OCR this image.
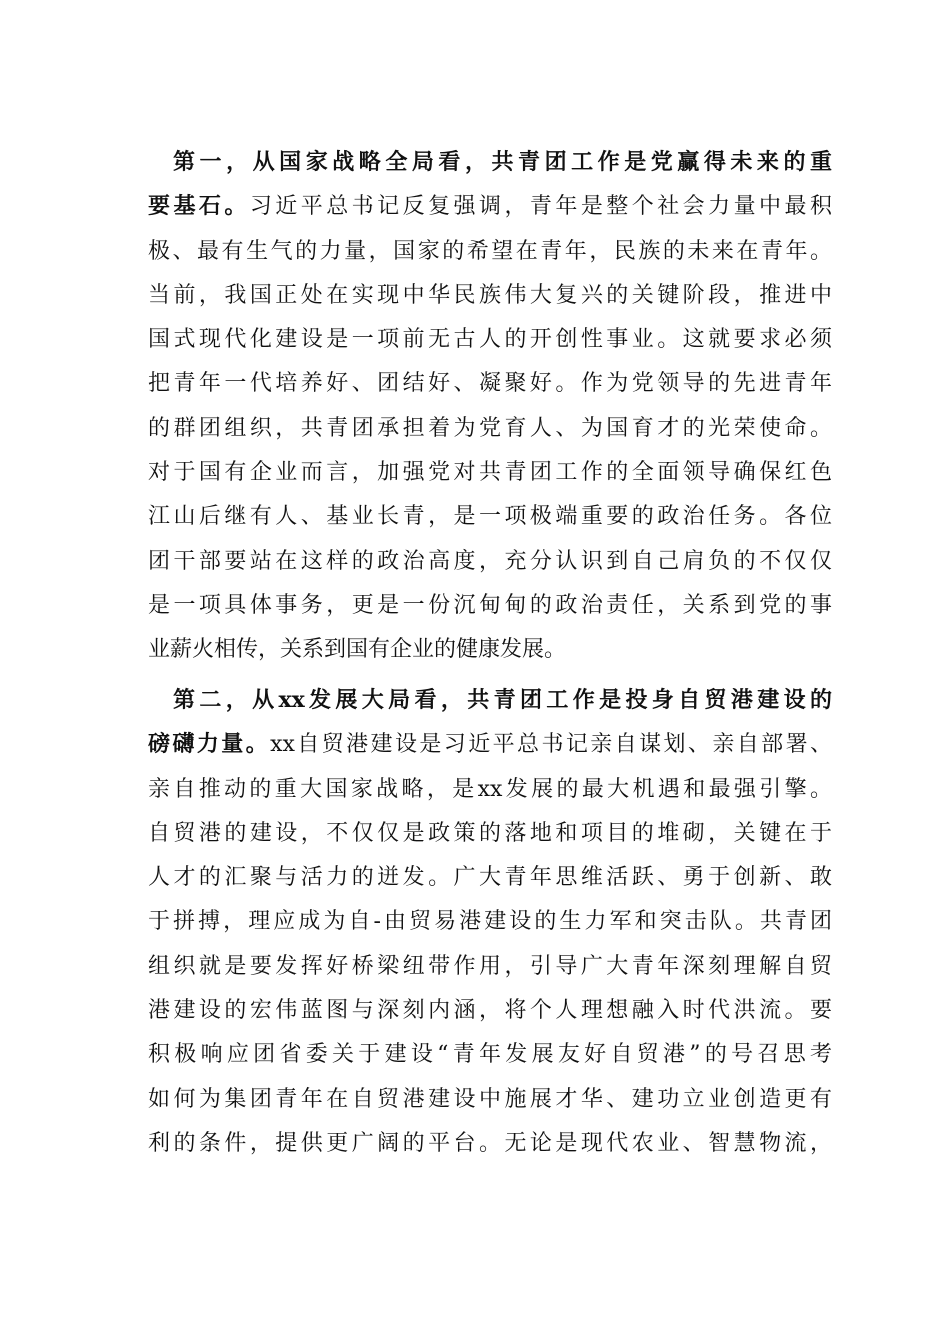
第一，从国家战略全局看，共青团工作是党赢得未来的重
要基石。习近平总书记反复强调，青年是整个社会力量中最积
极、最有生气的力量，国家的希望在青年，民族的未来在青年。
当前，我国正处在实现中华民族伟大复兴的关键阶段，推进中
国式现代化建设是一项前无古人的开创性事业。这就要求必须
把青年一代培养好、团结好、凝聚好。作为党领导的先进青年
的群团组织，共青团承担着为党育人、为国育才的光荣使命。
对于国有企业而言，加强党对共青团工作的全面领导确保红色
江山后继有人、基业长青，是一项极端重要的政治任务。各位
团干部要站在这样的政治高度，充分认识到自己肩负的不仅仅
是一项具体事务，更是一份沉甸甸的政治责任，关系到党的事
业薪火相传，关系到国有企业的健康发展。
第二，从xx发展大局看，共青团工作是投身自贸港建设的
磅礴力量。xx自贸港建设是习近平总书记亲自谋划、亲自部署、
亲自推动的重大国家战略，是xx发展的最大机遇和最强引擎。
自贸港的建设，不仅仅是政策的落地和项目的堆砌，关键在于
人才的汇聚与活力的迸发。广大青年思维活跃、勇于创新、敢
于拼搏，理应成为自-由贸易港建设的生力军和突击队。共青团
组织就是要发挥好桥梁纽带作用，引导广大青年深刻理解自贸
港建设的宏伟蓝图与深刻内涵，将个人理想融入时代洪流。要
积极响应团省委关于建设“青年发展友好自贸港”的号召思考
如何为集团青年在自贸港建设中施展才华、建功立业创造更有
利的条件，提供更广阔的平台。无论是现代农业、智慧物流，
